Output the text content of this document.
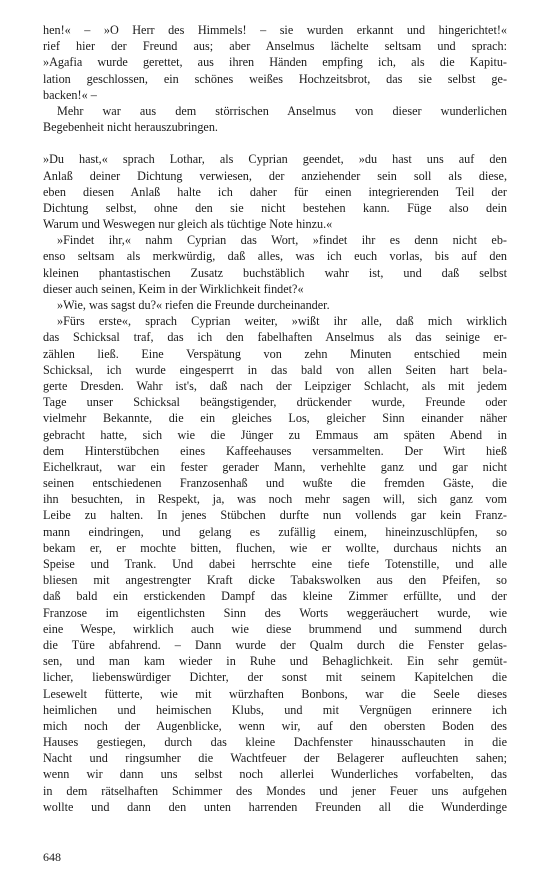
hen!« – »O Herr des Himmels! – sie wurden erkannt und hingerichtet!«
rief hier der Freund aus; aber Anselmus lächelte seltsam und sprach:
»Agafia wurde gerettet, aus ihren Händen empfing ich, als die Kapitu-
lation geschlossen, ein schönes weißes Hochzeitsbrot, das sie selbst ge-
backen!« –
Mehr war aus dem störrischen Anselmus von dieser wunderlichen
Begebenheit nicht herauszubringen.
»Du hast,« sprach Lothar, als Cyprian geendet, »du hast uns auf den
Anlaß deiner Dichtung verwiesen, der anziehender sein soll als diese,
eben diesen Anlaß halte ich daher für einen integrierenden Teil der
Dichtung selbst, ohne den sie nicht bestehen kann. Füge also dein
Warum und Weswegen nur gleich als tüchtige Note hinzu.«
»Findet ihr,« nahm Cyprian das Wort, »findet ihr es denn nicht eb-
enso seltsam als merkwürdig, daß alles, was ich euch vorlas, bis auf den
kleinen phantastischen Zusatz buchstäblich wahr ist, und daß selbst
dieser auch seinen, Keim in der Wirklichkeit findet?«
»Wie, was sagst du?« riefen die Freunde durcheinander.
»Fürs erste«, sprach Cyprian weiter, »wißt ihr alle, daß mich wirklich
das Schicksal traf, das ich den fabelhaften Anselmus als das seinige er-
zählen ließ. Eine Verspätung von zehn Minuten entschied mein
Schicksal, ich wurde eingesperrt in das bald von allen Seiten hart bela-
gerte Dresden. Wahr ist's, daß nach der Leipziger Schlacht, als mit jedem
Tage unser Schicksal beängstigender, drückender wurde, Freunde oder
vielmehr Bekannte, die ein gleiches Los, gleicher Sinn einander näher
gebracht hatte, sich wie die Jünger zu Emmaus am späten Abend in
dem Hinterstübchen eines Kaffeehauses versammelten. Der Wirt hieß
Eichelkraut, war ein fester gerader Mann, verhehlte ganz und gar nicht
seinen entschiedenen Franzosenhaß und wußte die fremden Gäste, die
ihn besuchten, in Respekt, ja, was noch mehr sagen will, sich ganz vom
Leibe zu halten. In jenes Stübchen durfte nun vollends gar kein Franz-
mann eindringen, und gelang es zufällig einem, hineinzuschlüpfen, so
bekam er, er mochte bitten, fluchen, wie er wollte, durchaus nichts an
Speise und Trank. Und dabei herrschte eine tiefe Totenstille, und alle
bliesen mit angestrengter Kraft dicke Tabakswolken aus den Pfeifen, so
daß bald ein erstickenden Dampf das kleine Zimmer erfüllte, und der
Franzose im eigentlichsten Sinn des Worts weggeräuchert wurde, wie
eine Wespe, wirklich auch wie diese brummend und summend durch
die Türe abfahrend. – Dann wurde der Qualm durch die Fenster gelas-
sen, und man kam wieder in Ruhe und Behaglichkeit. Ein sehr gemüt-
licher, liebenswürdiger Dichter, der sonst mit seinem Kapitelchen die
Lesewelt fütterte, wie mit würzhaften Bonbons, war die Seele dieses
heimlichen und heimischen Klubs, und mit Vergnügen erinnere ich
mich noch der Augenblicke, wenn wir, auf den obersten Boden des
Hauses gestiegen, durch das kleine Dachfenster hinausschauten in die
Nacht und ringsumher die Wachtfeuer der Belagerer aufleuchten sahen;
wenn wir dann uns selbst noch allerlei Wunderliches vorfabelten, das
in dem rätselhaften Schimmer des Mondes und jener Feuer uns aufgehen
wollte und dann den unten harrenden Freunden all die Wunderdinge
648
